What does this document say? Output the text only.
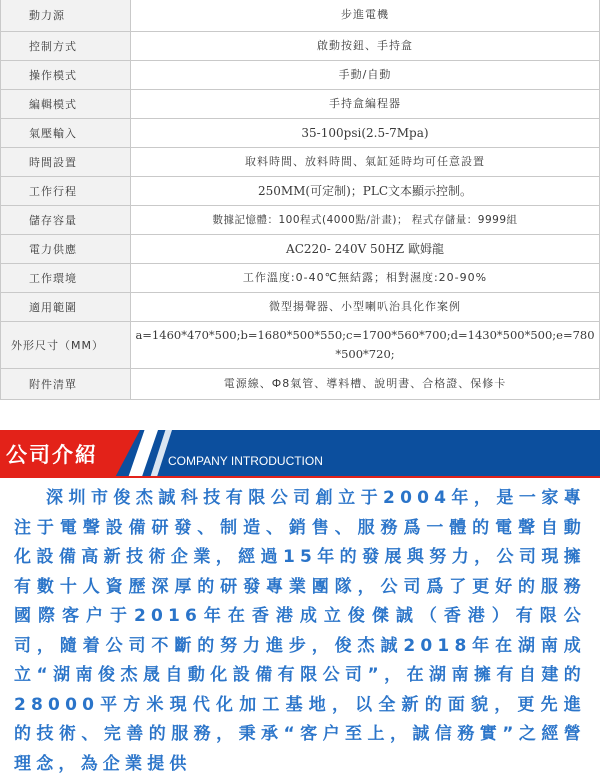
動力源	步進電機
控制方式	啟動按鈕、手持盒
操作模式	手動/自動
編輯模式	手持盒編程器
氣壓輸入	35-100psi(2.5-7Mpa)
時間設置	取料時間、放料時間、氣缸延時均可任意設置
工作行程	250MM(可定制)；PLC文本顯示控制。
儲存容量	數據記憶體：100程式(4000點/計畫)； 程式存儲量：9999組
電力供應	AC220- 240V 50HZ 歐姆龍
工作環境	工作溫度:0-40℃無結露；相對濕度:20-90%
適用範圍	微型揚聲器、小型喇叭治具化作案例
外形尺寸（MM）	a=1460*470*500;b=1680*500*550;c=1700*560*700;d=1430*500*500;e=780*500*720;
附件清單	電源線、Ф8氣管、導料槽、說明書、合格證、保修卡
公司介紹	COMPANY INTRODUCTION

深圳市俊杰誠科技有限公司創立于2004年，是一家專注于電聲設備研發、制造、銷售、服務爲一體的電聲自動化設備高新技術企業，經過15年的發展與努力，公司現擁有數十人資歷深厚的研發專業團隊，公司爲了更好的服務國際客户于2016年在香港成立俊傑誠（香港）有限公司，隨着公司不斷的努力進步，俊杰誠2018年在湖南成立“湖南俊杰晟自動化設備有限公司”，在湖南擁有自建的28000平方米現代化加工基地，以全新的面貌，更先進的技術、完善的服務，秉承“客户至上，誠信務實”之經營理念，為企業提供
